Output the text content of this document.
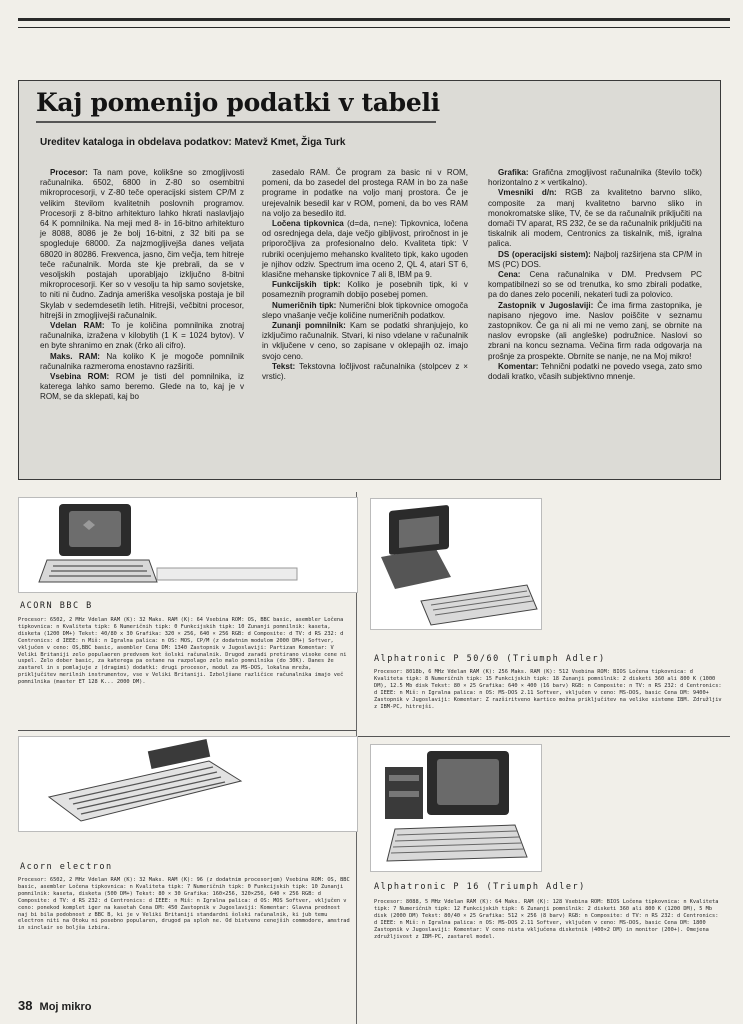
Kaj pomenijo podatki v tabeli
Ureditev kataloga in obdelava podatkov: Matevž Kmet, Žiga Turk

Procesor: Ta nam pove, kolikšne so zmogljivosti računalnika. 6502, 6800 in Z-80 so osembitni mikroprocesorji, v Z-80 teče operacijski sistem CP/M z velikim številom kvalitetnih poslovnih programov. Procesorji z 8-bitno arhitekturo lahko hkrati naslavljajo 64 K pomnilnika. Na meji med 8- in 16-bitno arhitekturo je 8088, 8086 je že bolj 16-bitni, z 32 biti pa se spogleduje 68000. Za najzmogljivejša danes veljata 68020 in 80286. Freкvenca, jasno, čim večja, tem hitreje teče računalnik. Morda ste kje prebrali, da se v vesoljskih postajah uporabljajo izključno 8-bitni mikroprocesorji. Ker so v vesolju ta hip samo sovjetske, to niti ni čudno. Zadnja ameriška vesoljska postaja je bil Skylab v sedemdesetih letih. Hitrejši, večbitni procesor, hitrejši in zmogljivejši računalnik.

Vdelan RAM: To je količina pomnilnika znotraj računalnika, izražena v kilobytih (1 K = 1024 bytov). V en byte shranimo en znak (črko ali cifro).

Maks. RAM: Na koliko K je mogoče pomnilnik računalnika razmeroma enostavno razširiti.

Vsebina ROM: ROM je tisti del pomnilnika, iz katerega lahko samo beremo. Glede na to, kaj je v ROM, se da sklepati, kaj bo

zasedalo RAM. Če program za basic ni v ROM, pomeni, da bo zasedel del prostega RAM in bo za naše programe in podatke na voljo manj prostora. Če je urejevalnik besedil kar v ROM, pomeni, da bo ves RAM na voljo za besedilo itd.

Ločena tipkovnica (d=da, n=ne): Tipkovnica, ločena od osrednjega dela, daje večjo gibljivost, priročnost in je priporočljiva za profesionalno delo. Kvaliteta tipk: V rubriki ocenjujemo mehansko kvaliteto tipk, kako ugoden je njihov odziv. Spectrum ima oceno 2, QL 4, atari ST 6, klasične mehanske tipkovnice 7 ali 8, IBM pa 9.

Funkcijskih tipk: Koliko je posebnih tipk, ki v posameznih programih dobijo posebej pomen.

Numeričnih tipk: Numerični blok tipkovnice omogoča slepo vnašanje večje količine numeričnih podatkov.

Zunanji pomnilnik: Kam se podatki shranjujejo, ko izključimo računalnik. Stvari, ki niso vdelane v računalnik in vključene v ceno, so zapisane v oklepajih oz. imajo svojo ceno.

Tekst: Tekstovna ločljivost računalnika (stolpcev z × vrstic).

Grafika: Grafična zmogljivost računalnika (število točk) horizontalno z × vertikalno).

Vmesniki d/n: RGB za kvalitetno barvno sliko, composite za manj kvalitetno barvno sliko in monokromatske slike, TV, če se da računalnik priključiti na domači TV aparat, RS 232, če se da računalnik priključiti na tiskalnik ali modem, Centronics za tiskalnik, miš, igralna palica.

DS (operacijski sistem): Najbolj razširjena sta CP/M in MS (PC) DOS.

Cena: Cena računalnika v DM. Predvsem PC kompatibilnezi so se od trenutka, ko smo zbirali podatke, pa do danes zelo pocenili, nekateri tudi za polovico.

Zastopnik v Jugoslaviji: Če ima firma zastopnika, je napisano njegovo ime. Naslov poiščite v seznamu zastopnikov. Če ga ni ali mi ne vemo zanj, se obrnite na naslov evropske (ali angleške) podružnice. Naslovi so zbrani na koncu seznama. Večina firm rada odgovarja na prošnje za prospekte. Obrnite se nanje, ne na Moj mikro!

Komentar: Tehnični podatki ne povedo vsega, zato smo dodali kratko, včasih subjektivno mnenje.

ACORN BBC B
Procesor: 6502, 2 MHz Vdelan RAM (K): 32 Maks. RAM (K): 64 Vsebina ROM: OS, BBC basic, asembler Ločena tipkovnica: n Kvaliteta tipk: 6 Numeričnih tipk: 0 Funkcijskih tipk: 10 Zunanji pomnilnik: kaseta, disketa (1200 DM+) Tekst: 40/80 x 30 Grafika: 320 × 256, 640 × 256 RGB: d Composite: d TV: d RS 232: d Centronics: d IEEE: n Miš: n Igralna palica: n OS: MOS, CP/M (z dodatnim modulom 2000 DM+) Softver, vključen v ceno: OS,BBC basic, asembler Cena DM: 1340 Zastopnik v Jugoslaviji: Partizan Komentar: V Veliki Britaniji zelo populaeren predvsem kot šolski računalnik. Drugod zaradi pretirano visoke cene ni uspel. Zelo dober basic, za katerega pa ostane na razpolago zelo malo pomnilnika (do 30K). Danes že zastarel in s pomlajuje z (dragimi) dodatki: drugi procesor, modul za MS-DOS, lokalna mreža, priključitev merilnih instrumentov, vse v Veliki Britaniji. Izboljšane različice računalnika imajo več pomnilnika (master ET 128 K... 2000 DM).
Alphatronic P 50/60 (Triumph Adler)
Procesor: 8018b, 6 MHz Vdelan RAM (K): 256 Maks. RAM (K): 512 Vsebina ROM: BIOS Ločena tipkovnica: d Kvaliteta tipk: 8 Numeričnih tipk: 15 Funkcijskih tipk: 18 Zunanji pomnilnik: 2 disketi 360 ali 800 K (1000 DM), 12.5 Mb disk Tekst: 80 × 25 Grafika: 640 × 400 (16 barv) RGB: n Composite: n TV: n RS 232: d Centronics: d IEEE: n Miš: n Igralna palica: n OS: MS-DOS 2.11 Softver, vključen v ceno: MS-DOS, basic Cena DM: 9400+ Zastopnik v Jugoslaviji: Komentar: Z razširitveno kartico možna priključitev na velike sisteme IBM. Združljiv z IBM-PC, hitrejši.
Acorn electron
Procesor: 6502, 2 MHz Vdelan RAM (K): 32 Maks. RAM (K): 96 (z dodatnim procesorjem) Vsebina ROM: OS, BBC basic, asembler Ločena tipkovnica: n Kvaliteta tipk: 7 Numeričnih tipk: 0 Funkcijskih tipk: 10 Zunanji pomnilnik: kaseta, disketa (500 DM+) Tekst: 80 × 30 Grafika: 160×256, 320×256, 640 × 256 RGB: d Composite: d TV: d RS 232: d Centronics: d IEEE: n Miš: n Igralna palica: d OS: MOS Softver, vključen v ceno: ponekod komplet iger na kasetah Cena DM: 450 Zastopnik v Jugoslaviji: Komentar: Glavna prednost naj bi bila podobnost z BBC B, ki je v Veliki Britaniji standardni šolski računalnik, ki jub temu electron niti na Otoku ni posebno popularen, drugod pa sploh ne. Od bistveno cenejših commodore, amstrad in sinclair so boljša izbira.
Alphatronic P 16 (Triumph Adler)
Procesor: 8088, 5 MHz Vdelan RAM (K): 64 Maks. RAM (K): 128 Vsebina ROM: BIOS Ločena tipkovnica: n Kvaliteta tipk: 7 Numeričnih tipk: 12 Funkcijskih tipk: 6 Zunanji pomnilnik: 2 disketi 360 ali 800 K (1200 DM), 5 Mb disk (2000 DM) Tekst: 80/40 × 25 Grafika: 512 × 256 (8 barv) RGB: n Composite: d TV: n RS 232: d Centronics: d IEEE: n Miš: n Igralna palica: n OS: MS-DOS 2.11 Softver, vključen v ceno: MS-DOS, basic Cena DM: 1800 Zastopnik v Jugoslaviji: Komentar: V ceno nista vključena disketnik (400×2 DM) in monitor (200+). Omejena združljivost z IBM-PC, zastarel model.
38 Moj mikro
